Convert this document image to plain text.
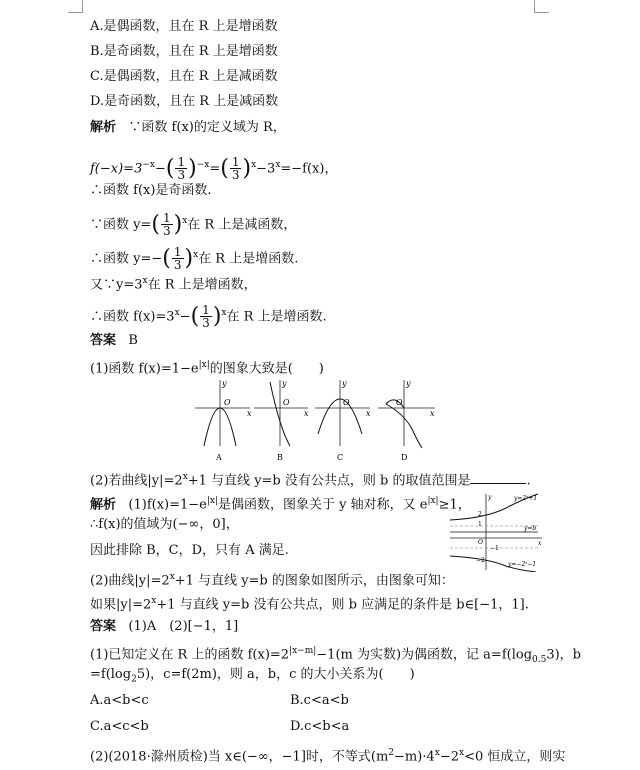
A.是偶函数，且在 R 上是增函数
B.是奇函数，且在 R 上是增函数
C.是偶函数，且在 R 上是减函数
D.是奇函数，且在 R 上是减函数
解析 ∵函数 f(x)的定义域为 R，
$f(-x)=3^{-x}-( \frac{1}{3} )^{-x}=( \frac{1}{3} )^x-3^x=-f(x)$，
∴函数 f(x)是奇函数.
∵函数 $y=( \frac{1}{3} )^x$在 R 上是减函数，
∴函数 $y=-( \frac{1}{3} )^x$在 R 上是增函数.
又$\because y=3^x$在 R 上是增函数，
∴函数 $f(x)=3^x-( \frac{1}{3} )^x$在 R 上是增函数.
答案 B
(1)函数 $f(x)=1-e^{|x|}$的图象大致是(　　)
O
x
y
A
O
x
y
B
O
x
y
C
O
x
y
D
(2)若曲线$|y|=2^x+1$ 与直线 y=b 没有公共点，则 b 的取值范围是	.
解析 $(1)f(x)=1-e^{|x|}$是偶函数，图象关于 y 轴对称，又 $e^{|x|}\ge 1$，
∴f(x)的值域为(−∞，0]，
因此排除 B，C，D，只有 A 满足.
y=2ˣ+1
y=b
y=−2ˣ−1
2
1
O
−1
−2
x
y
(2)曲线$|y|=2^x+1$ 与直线 y=b 的图象如图所示，由图象可知：
如果$|y|=2^x+1$ 与直线 y=b 没有公共点，则 b 应满足的条件是 b∈[−1，1].
答案 (1)A　(2)[−1，1]
(1)已知定义在 R 上的函数 $f(x)=2^{|x-m|}-1(m$ 为实数)为偶函数，记 $a=f(\log_{0.5}3)$，b
$=f(\log_25)$，c=f(2m)，则 a，b，c 的大小关系为(　　)
A.a<b<c	B.c<a<b
C.a<c<b	D.c<b<a
(2)(2018·滁州质检)当 x∈(−∞，−1]时，不等式$(m^2-m)\cdot 4^x-2^x<0$ 恒成立，则实
